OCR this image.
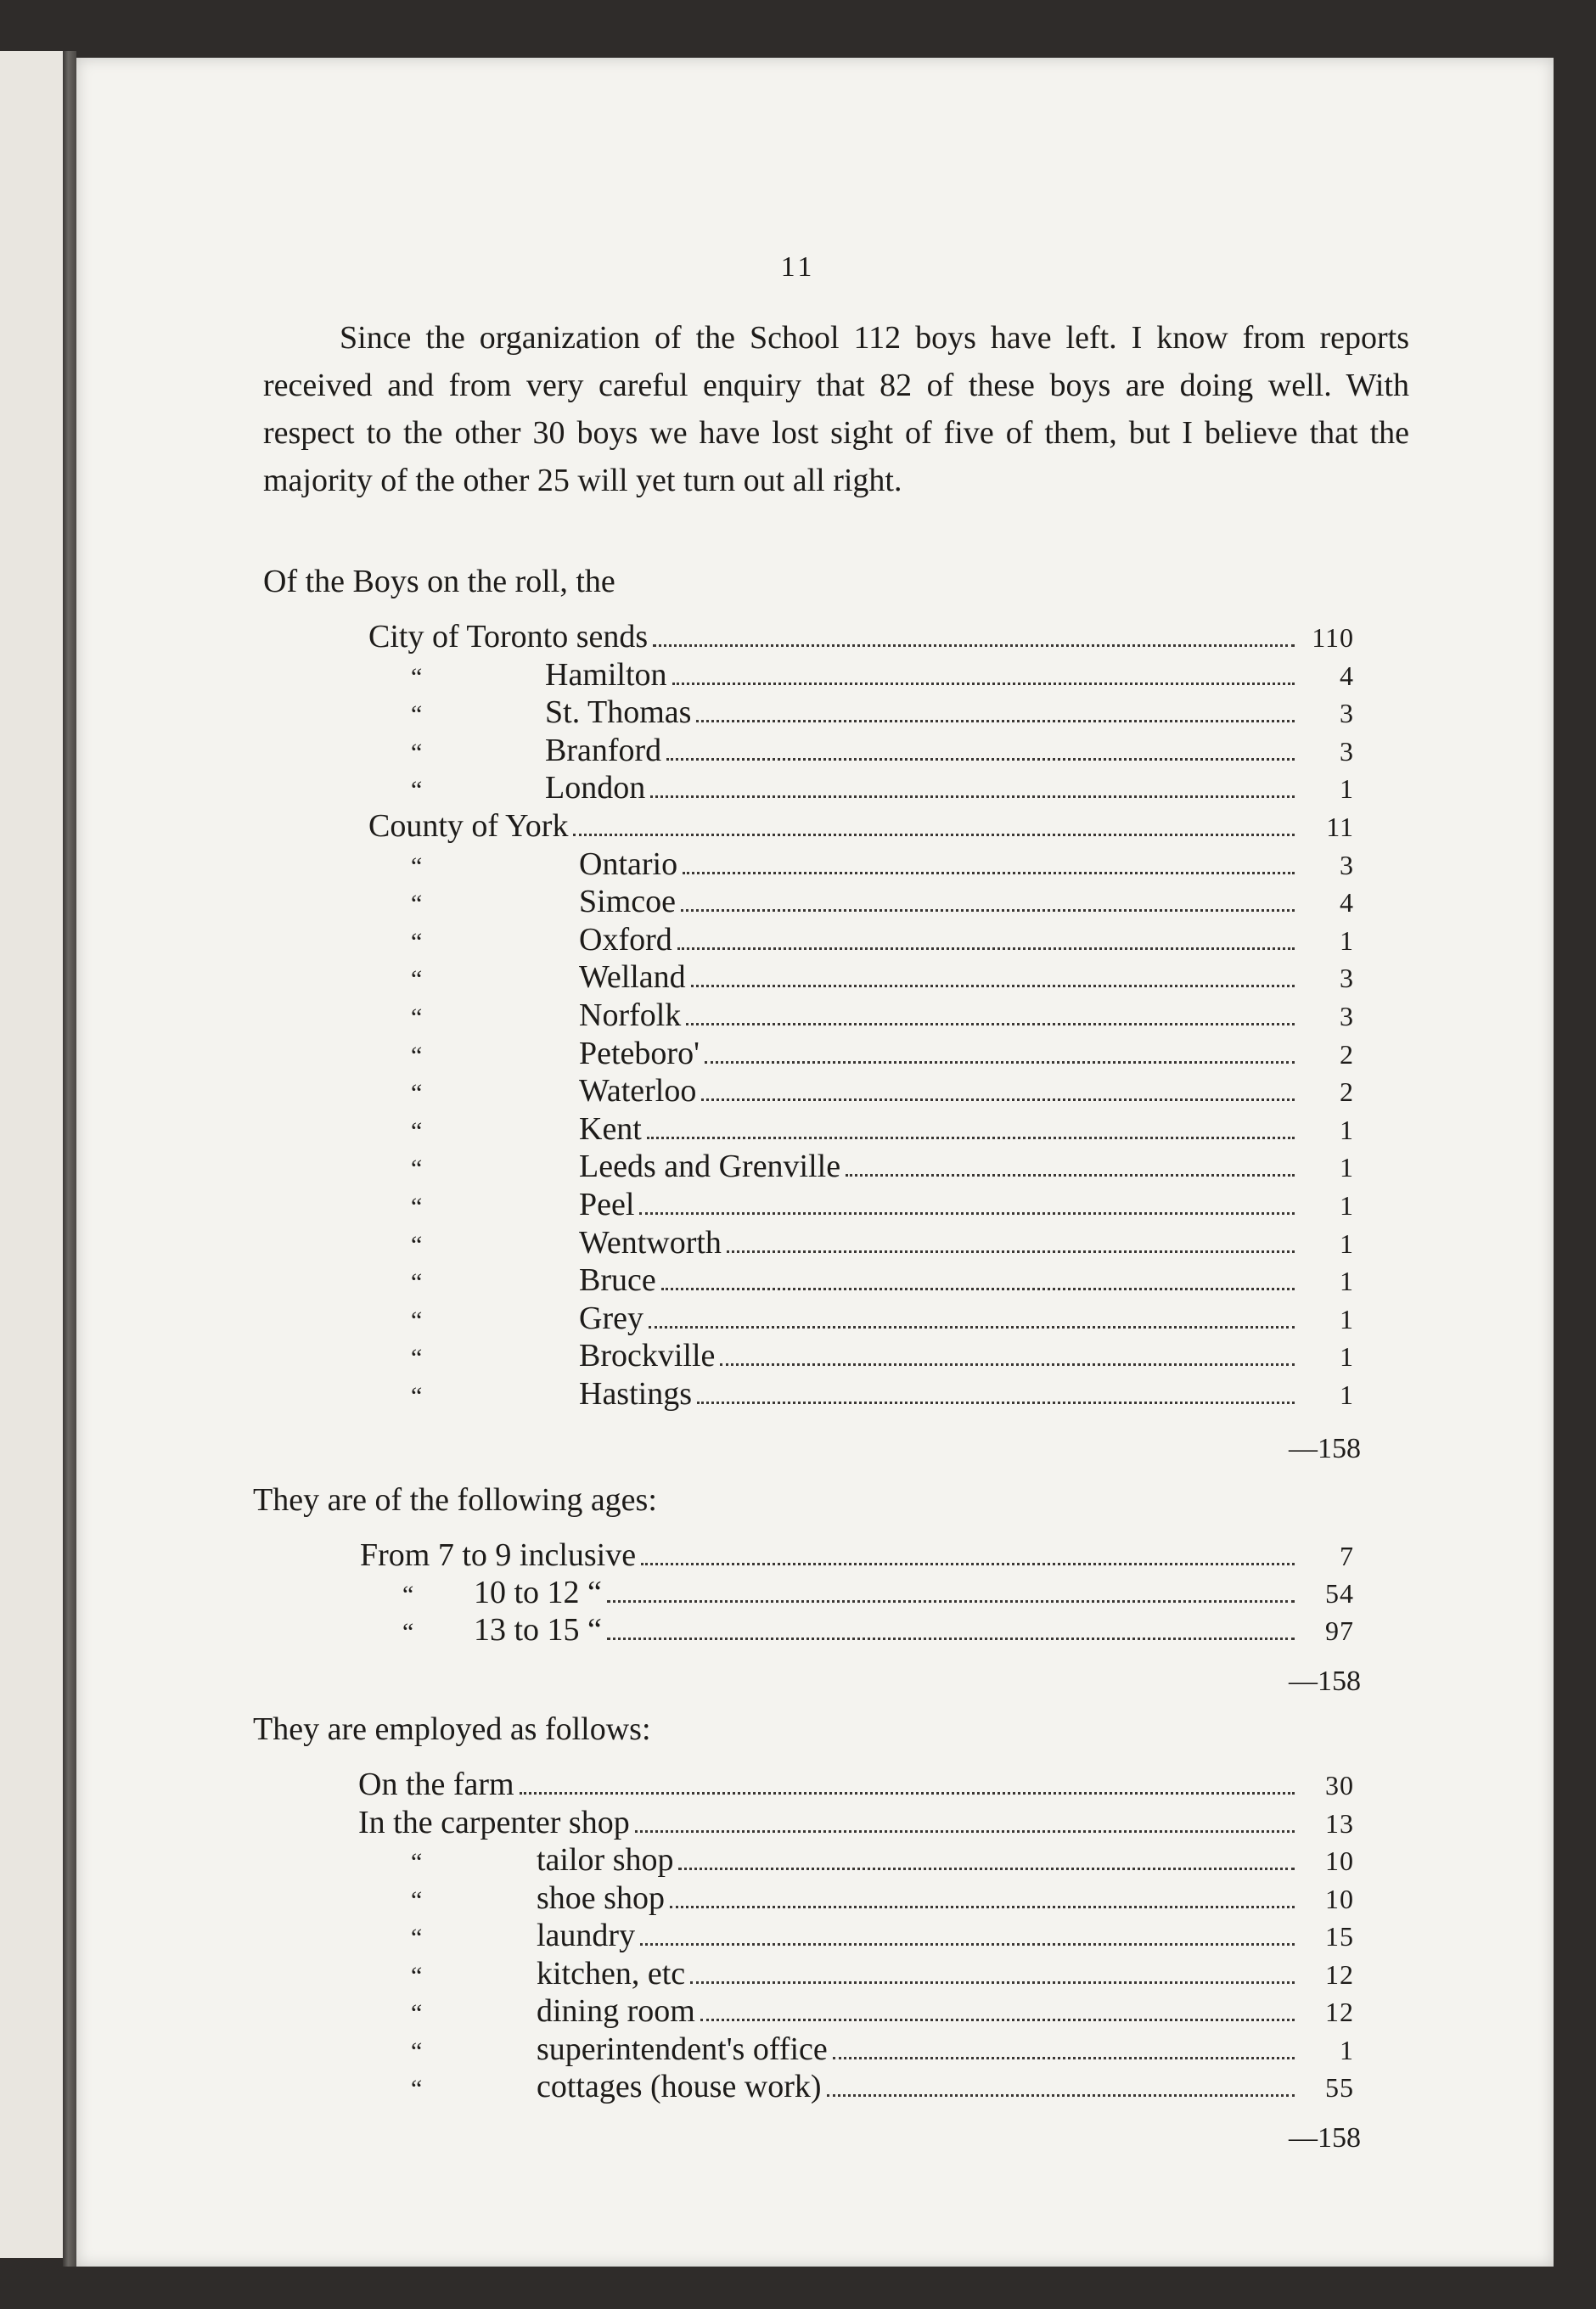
11

Since the organization of the School 112 boys have left. I know from reports received and from very careful enquiry that 82 of these boys are doing well. With respect to the other 30 boys we have lost sight of five of them, but I believe that the majority of the other 25 will yet turn out all right.

Of the Boys on the roll, the
City of Toronto sends	110
“	Hamilton	4
“	St. Thomas	3
“	Branford	3
“	London	1
County of York	11
“	Ontario	3
“	Simcoe	4
“	Oxford	1
“	Welland	3
“	Norfolk	3
“	Peteboro'	2
“	Waterloo	2
“	Kent	1
“	Leeds and Grenville	1
“	Peel	1
“	Wentworth	1
“	Bruce	1
“	Grey	1
“	Brockville	1
“	Hastings	1
—158
They are of the following ages:
From 7 to 9 inclusive	7
“ 10 to 12 “	54
“ 13 to 15 “	97
—158
They are employed as follows:
On the farm	30
In the carpenter shop	13
“	tailor shop	10
“	shoe shop	10
“	laundry	15
“	kitchen, etc	12
“	dining room	12
“	superintendent's office	1
“	cottages (house work)	55
—158
